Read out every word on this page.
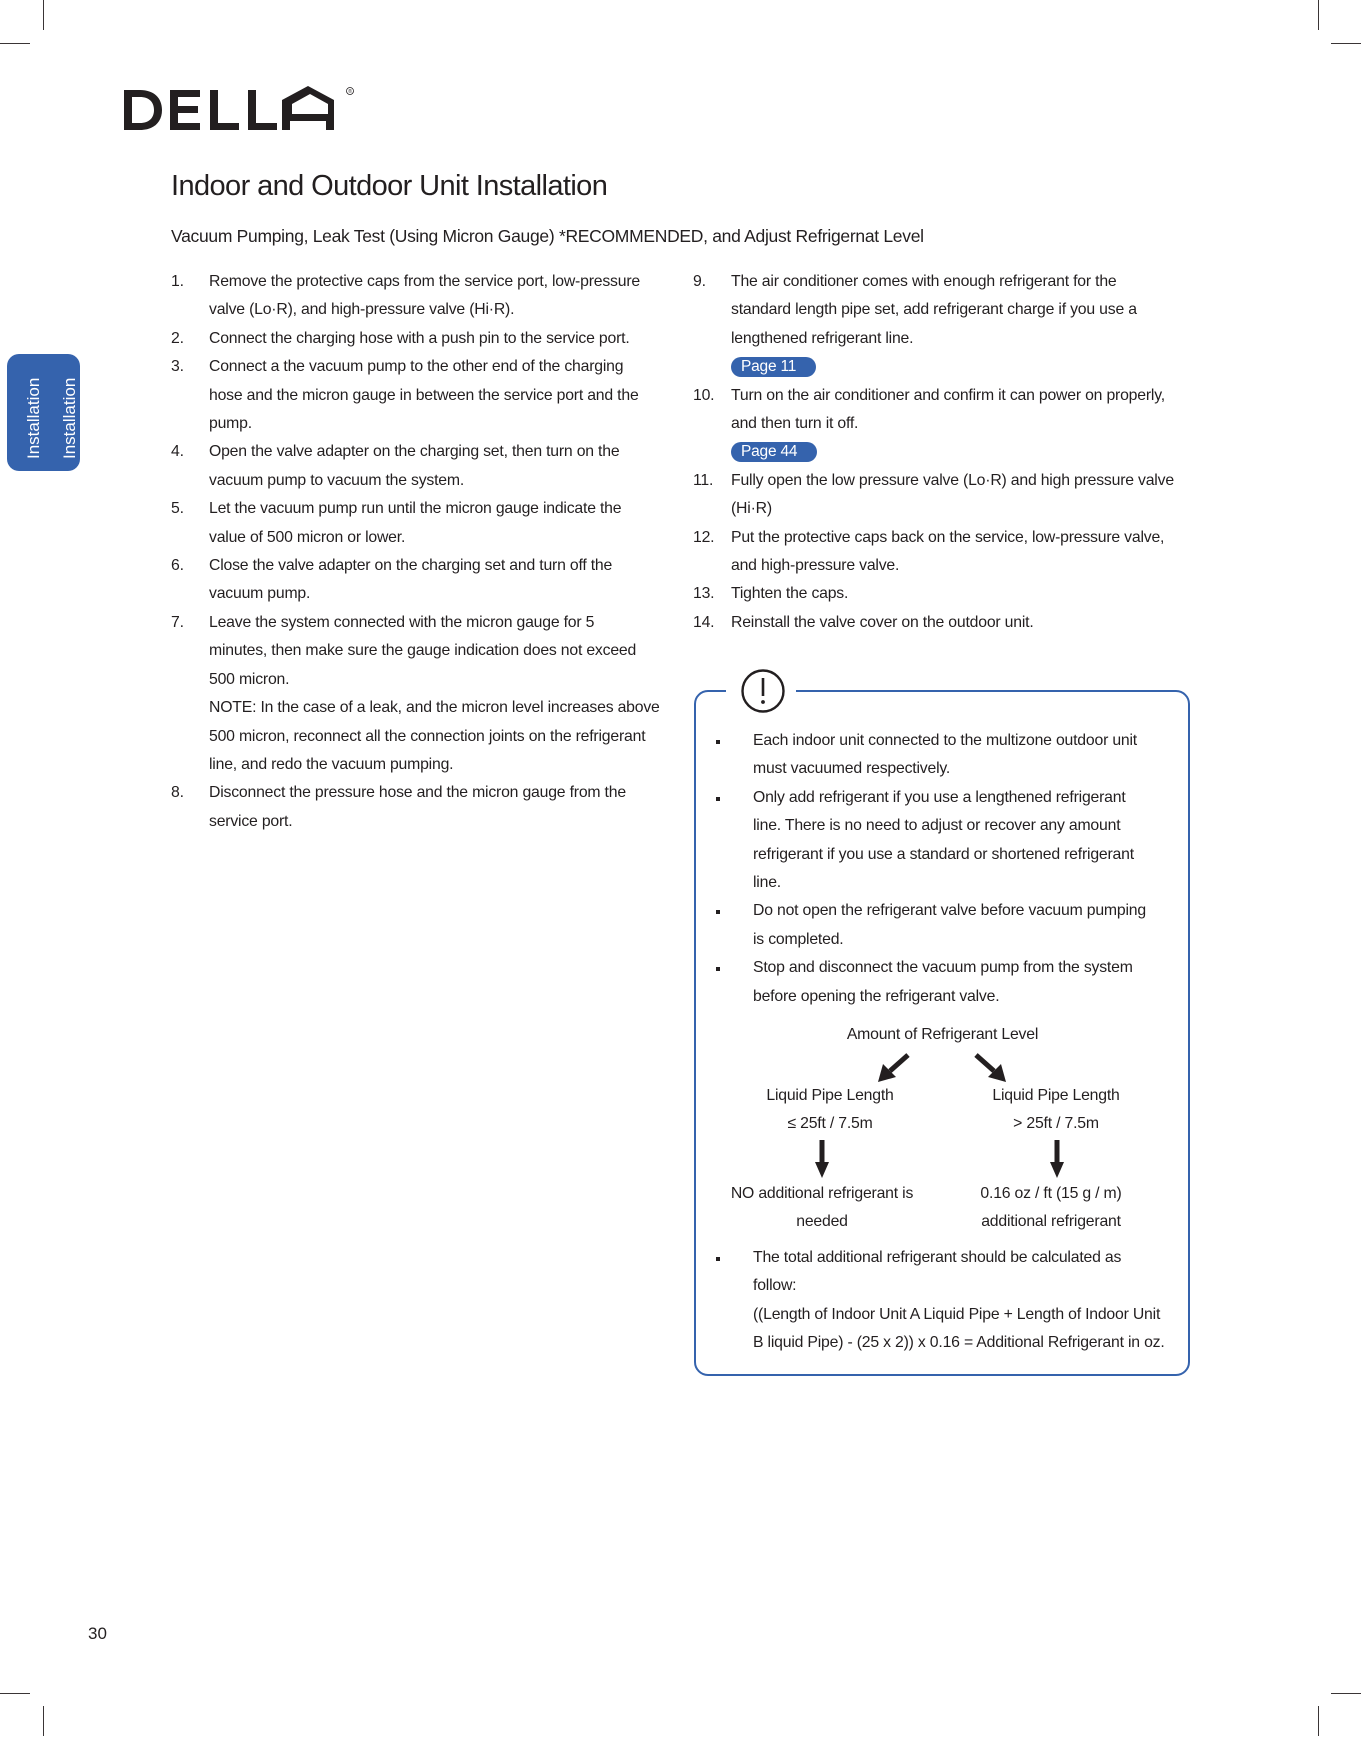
®
Installation Installation
Indoor and Outdoor Unit Installation
Vacuum Pumping, Leak Test (Using Micron Gauge) *RECOMMENDED, and Adjust Refrigernat Level
1. Remove the protective caps from the service port, low-pressure
valve (Lo·R), and high-pressure valve (Hi·R).
2. Connect the charging hose with a push pin to the service port.
3. Connect a the vacuum pump to the other end of the charging
hose and the micron gauge in between the service port and the
pump.
4. Open the valve adapter on the charging set, then turn on the
vacuum pump to vacuum the system.
5. Let the vacuum pump run until the micron gauge indicate the
value of 500 micron or lower.
6. Close the valve adapter on the charging set and turn off the
vacuum pump.
7. Leave the system connected with the micron gauge for 5
minutes, then make sure the gauge indication does not exceed
500 micron.
NOTE: In the case of a leak, and the micron level increases above
500 micron, reconnect all the connection joints on the refrigerant
line, and redo the vacuum pumping.
8. Disconnect the pressure hose and the micron gauge from the
service port.
9. The air conditioner comes with enough refrigerant for the
standard length pipe set, add refrigerant charge if you use a
lengthened refrigerant line.
Page 11
10. Turn on the air conditioner and confirm it can power on properly,
and then turn it off.
Page 44
11. Fully open the low pressure valve (Lo·R) and high pressure valve
(Hi·R)
12. Put the protective caps back on the service, low-pressure valve,
and high-pressure valve.
13. Tighten the caps.
14. Reinstall the valve cover on the outdoor unit.
Each indoor unit connected to the multizone outdoor unit
must vacuumed respectively.
Only add refrigerant if you use a lengthened refrigerant
line. There is no need to adjust or recover any amount
refrigerant if you use a standard or shortened refrigerant
line.
Do not open the refrigerant valve before vacuum pumping
is completed.
Stop and disconnect the vacuum pump from the system
before opening the refrigerant valve.
Amount of Refrigerant Level
Liquid Pipe Length
≤ 25ft / 7.5m
Liquid Pipe Length
> 25ft / 7.5m
NO additional refrigerant is
needed
0.16 oz / ft (15 g / m)
additional refrigerant
The total additional refrigerant should be calculated as
follow:
((Length of Indoor Unit A Liquid Pipe + Length of Indoor Unit
B liquid Pipe) - (25 x 2)) x 0.16 = Additional Refrigerant in oz.
30
